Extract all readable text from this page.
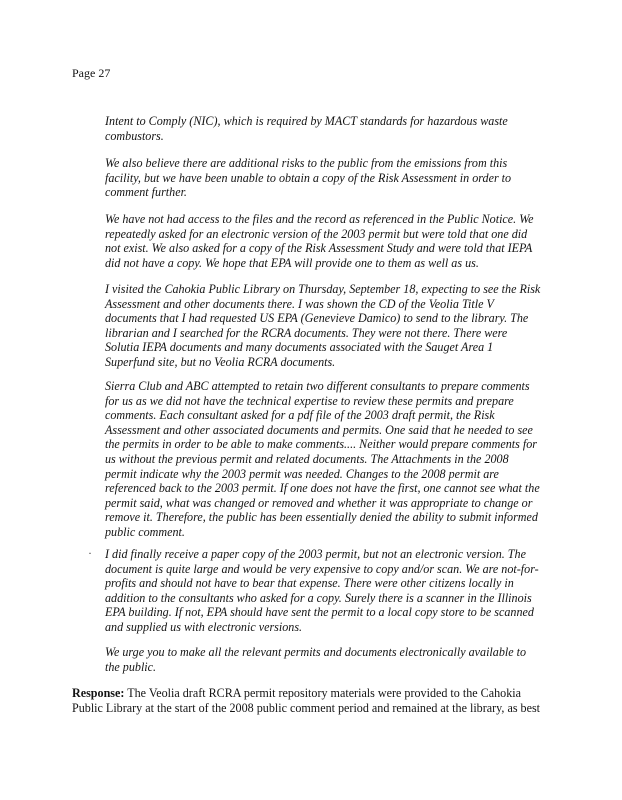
Page 27

Intent to Comply (NIC), which is required by MACT standards for hazardous waste combustors.

We also believe there are additional risks to the public from the emissions from this facility, but we have been unable to obtain a copy of the Risk Assessment in order to comment further.

We have not had access to the files and the record as referenced in the Public Notice. We repeatedly asked for an electronic version of the 2003 permit but were told that one did not exist. We also asked for a copy of the Risk Assessment Study and were told that IEPA did not have a copy. We hope that EPA will provide one to them as well as us.

I visited the Cahokia Public Library on Thursday, September 18, expecting to see the Risk Assessment and other documents there. I was shown the CD of the Veolia Title V documents that I had requested US EPA (Genevieve Damico) to send to the library. The librarian and I searched for the RCRA documents. They were not there. There were Solutia IEPA documents and many documents associated with the Sauget Area 1 Superfund site, but no Veolia RCRA documents.

Sierra Club and ABC attempted to retain two different consultants to prepare comments for us as we did not have the technical expertise to review these permits and prepare comments. Each consultant asked for a pdf file of the 2003 draft permit, the Risk Assessment and other associated documents and permits. One said that he needed to see the permits in order to be able to make comments.... Neither would prepare comments for us without the previous permit and related documents. The Attachments in the 2008 permit indicate why the 2003 permit was needed. Changes to the 2008 permit are referenced back to the 2003 permit. If one does not have the first, one cannot see what the permit said, what was changed or removed and whether it was appropriate to change or remove it. Therefore, the public has been essentially denied the ability to submit informed public comment.

· I did finally receive a paper copy of the 2003 permit, but not an electronic version. The document is quite large and would be very expensive to copy and/or scan. We are not-for-profits and should not have to bear that expense. There were other citizens locally in addition to the consultants who asked for a copy. Surely there is a scanner in the Illinois EPA building. If not, EPA should have sent the permit to a local copy store to be scanned and supplied us with electronic versions.

We urge you to make all the relevant permits and documents electronically available to the public.

Response: The Veolia draft RCRA permit repository materials were provided to the Cahokia Public Library at the start of the 2008 public comment period and remained at the library, as best
